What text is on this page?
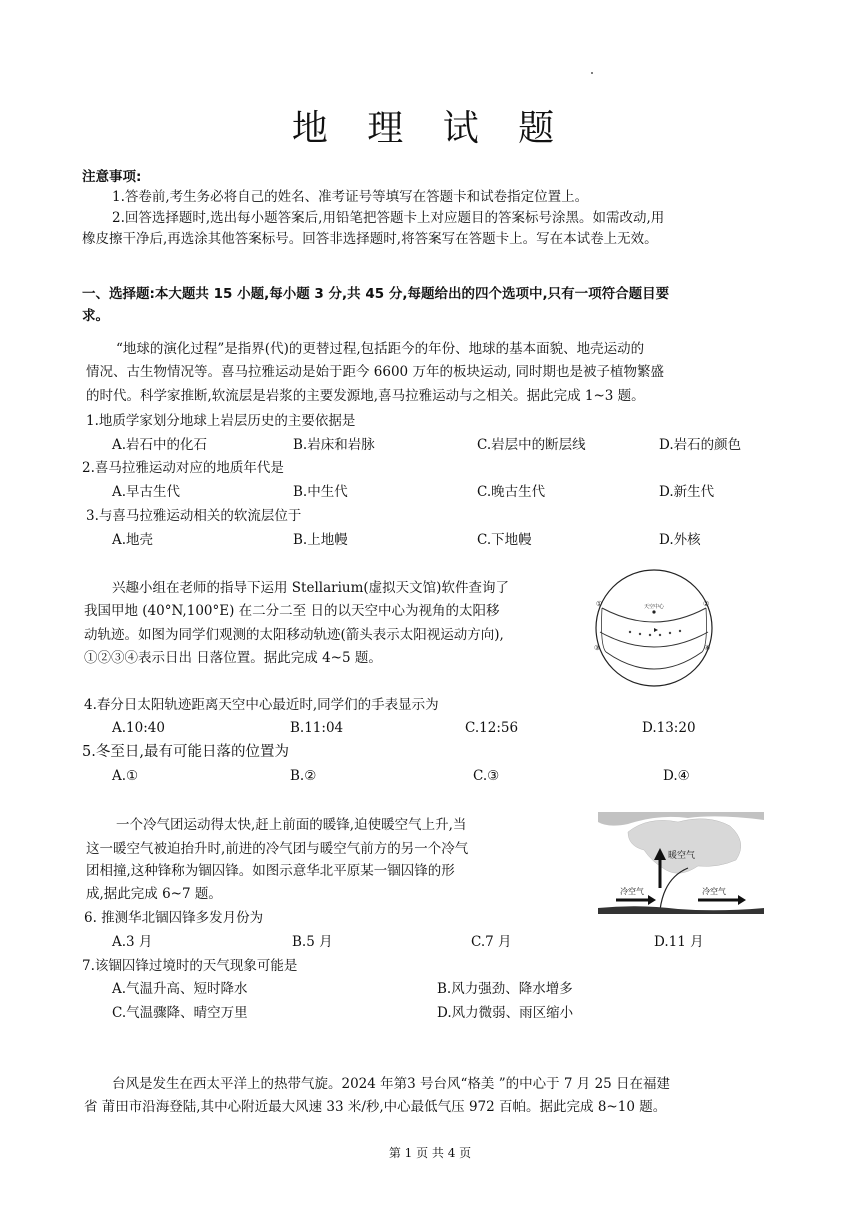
地 理 试 题
注意事项:
1.答卷前,考生务必将自己的姓名、准考证号等填写在答题卡和试卷指定位置上。
2.回答选择题时,选出每小题答案后,用铅笔把答题卡上对应题目的答案标号涂黑。如需改动,用
橡皮擦干净后,再选涂其他答案标号。回答非选择题时,将答案写在答题卡上。写在本试卷上无效。
一、选择题:本大题共 15 小题,每小题 3 分,共 45 分,每题给出的四个选项中,只有一项符合题目要
求。
“地球的演化过程”是指界(代)的更替过程,包括距今的年份、地球的基本面貌、地壳运动的
情况、古生物情况等。喜马拉雅运动是始于距今 6600 万年的板块运动, 同时期也是被子植物繁盛
的时代。科学家推断,软流层是岩浆的主要发源地,喜马拉雅运动与之相关。据此完成 1~3 题。
1.地质学家划分地球上岩层历史的主要依据是
A.岩石中的化石	B.岩床和岩脉	C.岩层中的断层线	D.岩石的颜色
2.喜马拉雅运动对应的地质年代是
A.早古生代	B.中生代	C.晚古生代	D.新生代
3.与喜马拉雅运动相关的软流层位于
A.地壳	B.上地幔	C.下地幔	D.外核
兴趣小组在老师的指导下运用 Stellarium(虚拟天文馆)软件查询了
我国甲地 (40°N,100°E) 在二分二至 日的以天空中心为视角的太阳移
动轨迹。如图为同学们观测的太阳移动轨迹(箭头表示太阳视运动方向),
①②③④表示日出 日落位置。据此完成 4~5 题。
天空中心
①	②
③	④
4.春分日太阳轨迹距离天空中心最近时,同学们的手表显示为
A.10:40	B.11:04	C.12:56	D.13:20
5.冬至日,最有可能日落的位置为
A.①	B.②	C.③	D.④
一个冷气团运动得太快,赶上前面的暖锋,迫使暖空气上升,当
这一暖空气被迫抬升时,前进的冷气团与暖空气前方的另一个冷气
团相撞,这种锋称为锢囚锋。如图示意华北平原某一锢囚锋的形
成,据此完成 6~7 题。
暖空气
冷空气	冷空气
6. 推测华北锢囚锋多发月份为
A.3 月	B.5 月	C.7 月	D.11 月
7.该锢囚锋过境时的天气现象可能是
A.气温升高、短时降水	B.风力强劲、降水增多
C.气温骤降、晴空万里	D.风力微弱、雨区缩小
台风是发生在西太平洋上的热带气旋。2024 年第3 号台风“格美 ”的中心于 7 月 25 日在福建
省 莆田市沿海登陆,其中心附近最大风速 33 米/秒,中心最低气压 972 百帕。据此完成 8~10 题。
第 1 页 共 4 页
